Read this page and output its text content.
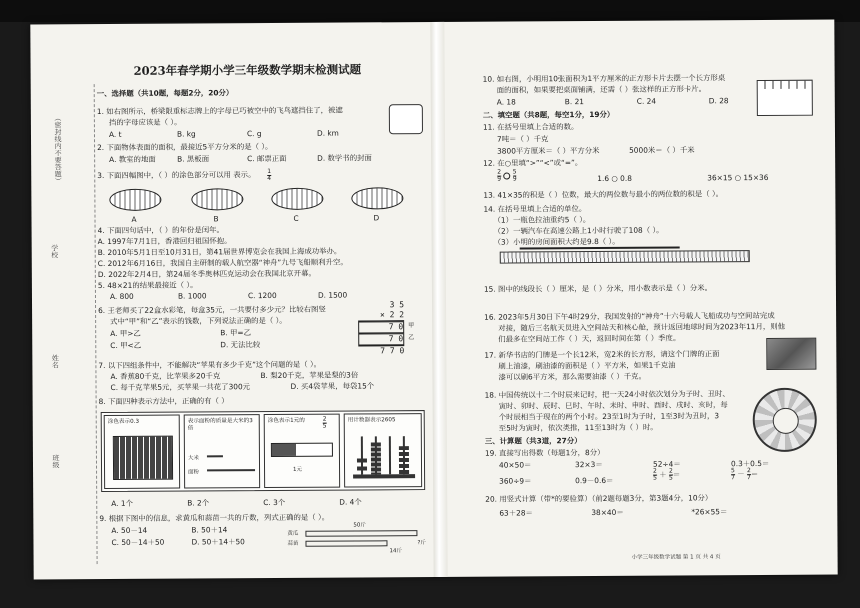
（密封线内不要答题）
学校
姓名
班级
2023年春学期小学三年级数学期末检测试题
一、选择题（共10题，每题2分，20分）
1. 如右图所示，桥梁限重标志牌上的字母已巧被空中的飞鸟遮挡住了，被遮
挡的字母应该是（ ）。
A. t	B. kg	C. g	D. km
2. 下面物体表面的面积，最接近5平方分米的是（ ）。
A. 教室的地面	B. 黑板面	C. 邮票正面	D. 数学书的封面
3. 下面四幅图中，（ ）的涂色部分可以用 表示。 $\frac{1}{4}$
A	B	C	D
4. 下面四句话中，（ ）的年份是闰年。
A. 1997年7月1日，香港回归祖国怀抱。
B. 2010年5月1日至10月31日，第41届世界博览会在我国上海成功举办。
C. 2012年6月16日，我国自主研制的载人航空器“神舟”九号飞船顺利升空。
D. 2022年2月4日，第24届冬季奥林匹克运动会在我国北京开幕。
5. 48×21的结果最接近（ ）。
A. 800	B. 1000	C. 1200	D. 1500
6. 王老师买了22盒水彩笔，每盒35元，一共要付多少元？比较右图竖
式中“甲”和“乙”表示的钱数，下列说法正确的是（ ）。
A. 甲>乙	B. 甲=乙
C. 甲<乙	D. 无法比较
3 5
× 2 2
7 0
7 0
7 7 0
甲
乙
7. 以下四组条件中，不能解决“苹果有多少千克”这个问题的是（ ）。
A. 香蕉80千克，比苹果多20千克	B. 梨20千克，苹果是梨的3倍
C. 每千克苹果5元，买苹果一共花了300元	D. 买4袋苹果，每袋15个
8. 下面四种表示方法中，正确的有（ ）
涂色表示0.3	表示面粉的质量是大米的3倍
大米
面粉
涂色表示1元的	$\frac{2}{5}$
1元
用计数器表示2605
A. 1个	B. 2个	C. 3个	D. 4个
9. 根据下图中的信息，求黄瓜和蒜苗一共的斤数，列式正确的是（ ）。
A. 50－14	B. 50＋14
C. 50－14＋50	D. 50＋14＋50
50斤
黄瓜
蒜苗
14斤
?斤
10. 如右图，小明用10张面积为1平方厘米的正方形卡片去摆一个长方形桌
面的面积，如果要把桌面铺满，还需（ ）张这样的正方形卡片。
A. 18	B. 21	C. 24	D. 28
二、填空题（共8题，每空1分，19分）
11. 在括号里填上合适的数。
7吨＝（ ）千克
5000米＝（ ）千米
3800平方厘米＝（ ）平方分米
12. 在○里填“>”“<”或“=”。
$\frac{2}{9} \frac{5}{9}$	1.6 ○ 0.8	36×15 ○ 15×36
13. 41×35的积是（ ）位数，最大的两位数与最小的两位数的积是（ ）。
14. 在括号里填上合适的单位。
（1）一瓶色拉油重约5（ ）。
（2）一辆汽车在高速公路上1小时行驶了108（ ）。
（3）小明的房间面积大约是9.8（ ）。
15. 图中的线段长（ ）厘米，是（ ）分米，用小数表示是（ ）分米。
16. 2023年5月30日下午4时29分，我国发射的“神舟”十六号载人飞船成功与空间站完成
对接，随后三名航天员进入空间站天和核心舱，预计返回地球时间为2023年11月，则他
们最多在空间站工作（ ）天，返回时间在第（ ）季度。
17. 新华书店的门牌是一个长12米，宽2米的长方形，请这个门牌的正面
刷上油漆，刷油漆的面积是（ ）平方米，如果1千克油
漆可以刷6平方米，那么需要油漆（ ）千克。
18. 中国传统以十二个时辰来记时，把一天24小时依次划分为子时、丑时、
寅时、卯时、辰时、巳时、午时、未时、申时、酉时、戌时、亥时，每
个时辰相当于现在的两个小时。23至1时为子时，1至3时为丑时，3
至5时为寅时，依次类推，11至13时为（ ）时。
三、计算题（共3道，27分）
19. 直接写出得数（每题1分，8分）
40×50＝	32×3＝	52÷4＝	0.3＋0.5＝
360÷9＝	0.9－0.6＝	$\frac{2}{5} + \frac{2}{5}=$	$\frac{5}{7} - \frac{2}{7}=$
20. 用竖式计算（带*的要验算）（前2题每题3分，第3题4分，10分）
63＋28＝	38×40＝	*26×55＝
小学三年级数学试题 第 1 页 共 4 页
